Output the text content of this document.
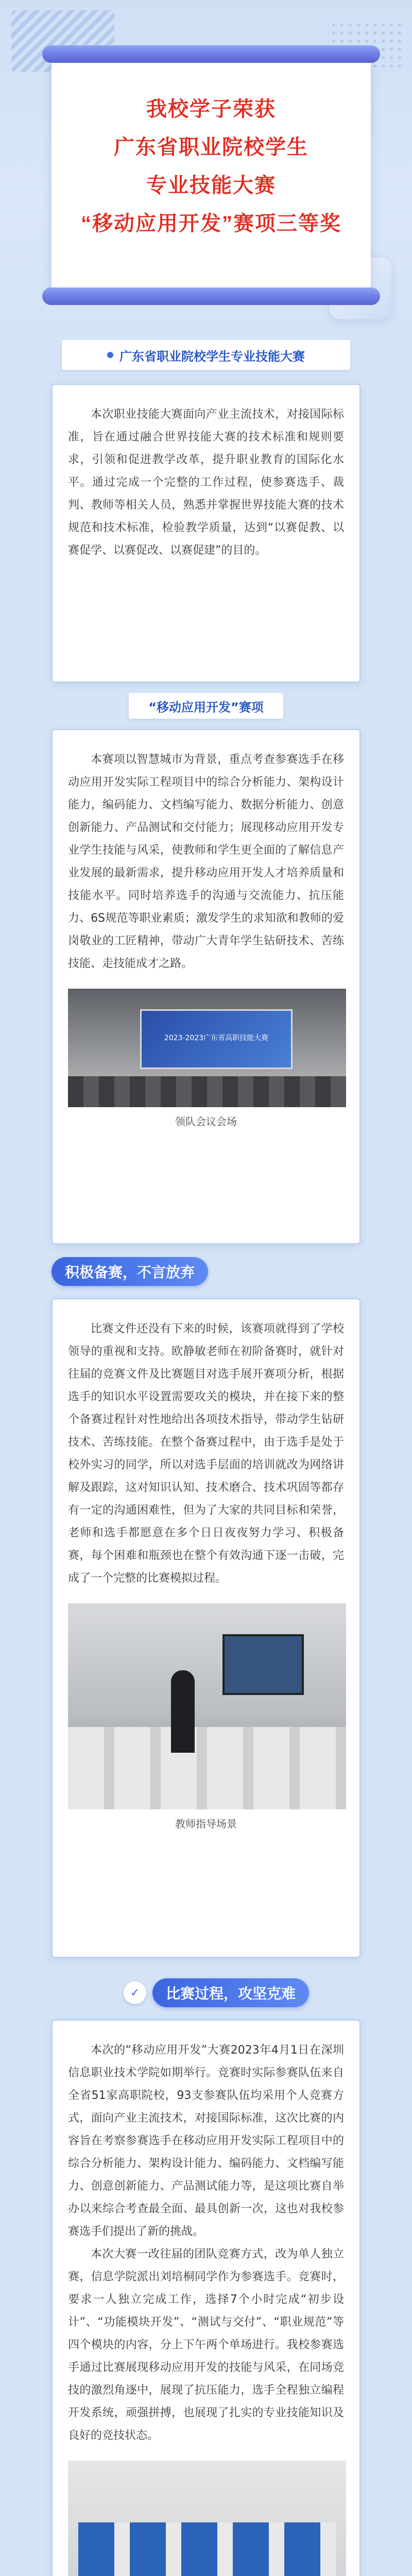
我校学子荣获
广东省职业院校学生
专业技能大赛
“移动应用开发”赛项三等奖
广东省职业院校学生专业技能大赛

本次职业技能大赛面向产业主流技术，对接国际标准，旨在通过融合世界技能大赛的技术标准和规则要求，引领和促进教学改革，提升职业教育的国际化水平。通过完成一个完整的工作过程，使参赛选手、裁判、教师等相关人员，熟悉并掌握世界技能大赛的技术规范和技术标准，检验教学质量，达到“以赛促教、以赛促学、以赛促改、以赛促建”的目的。

“移动应用开发”赛项

本赛项以智慧城市为背景，重点考查参赛选手在移动应用开发实际工程项目中的综合分析能力、架构设计能力，编码能力、文档编写能力、数据分析能力、创意创新能力、产品测试和交付能力；展现移动应用开发专业学生技能与风采，使教师和学生更全面的了解信息产业发展的最新需求，提升移动应用开发人才培养质量和技能水平。同时培养选手的沟通与交流能力、抗压能力、6S规范等职业素质；激发学生的求知欲和教师的爱岗敬业的工匠精神，带动广大青年学生钻研技术、苦练技能、走技能成才之路。

2023-2023广东省高职技能大赛
领队会议会场
积极备赛，不言放弃

比赛文件还没有下来的时候，该赛项就得到了学校领导的重视和支持。欧静敏老师在初阶备赛时，就针对往届的竞赛文件及比赛题目对选手展开赛项分析，根据选手的知识水平设置需要攻关的模块，并在接下来的整个备赛过程针对性地给出各项技术指导，带动学生钻研技术、苦练技能。在整个备赛过程中，由于选手是处于校外实习的同学，所以对选手层面的培训就改为网络讲解及跟踪，这对知识认知、技术磨合、技术巩固等都存有一定的沟通困难性，但为了大家的共同目标和荣誉，老师和选手都愿意在多个日日夜夜努力学习、积极备赛，每个困难和瓶颈也在整个有效沟通下逐一击破，完成了一个完整的比赛模拟过程。

教师指导场景
✓	比赛过程，攻坚克难

本次的“移动应用开发”大赛2023年4月1日在深圳信息职业技术学院如期举行。竞赛时实际参赛队伍来自全省51家高职院校，93支参赛队伍均采用个人竞赛方式，面向产业主流技术，对接国际标准，这次比赛的内容旨在考察参赛选手在移动应用开发实际工程项目中的综合分析能力、架构设计能力、编码能力、文档编写能力、创意创新能力、产品测试能力等，是这项比赛自举办以来综合考查最全面、最具创新一次，这也对我校参赛选手们提出了新的挑战。

本次大赛一改往届的团队竞赛方式，改为单人独立赛，信息学院派出刘培桐同学作为参赛选手。竞赛时，要求一人独立完成工作，选择7个小时完成“初步设计”、“功能模块开发”、“测试与交付”、“职业规范”等四个模块的内容，分上下午两个单场进行。我校参赛选手通过比赛展现移动应用开发的技能与风采，在同场竞技的激烈角逐中，展现了抗压能力，选手全程独立编程开发系统，顽强拼搏，也展现了扎实的专业技能知识及良好的竞技状态。
